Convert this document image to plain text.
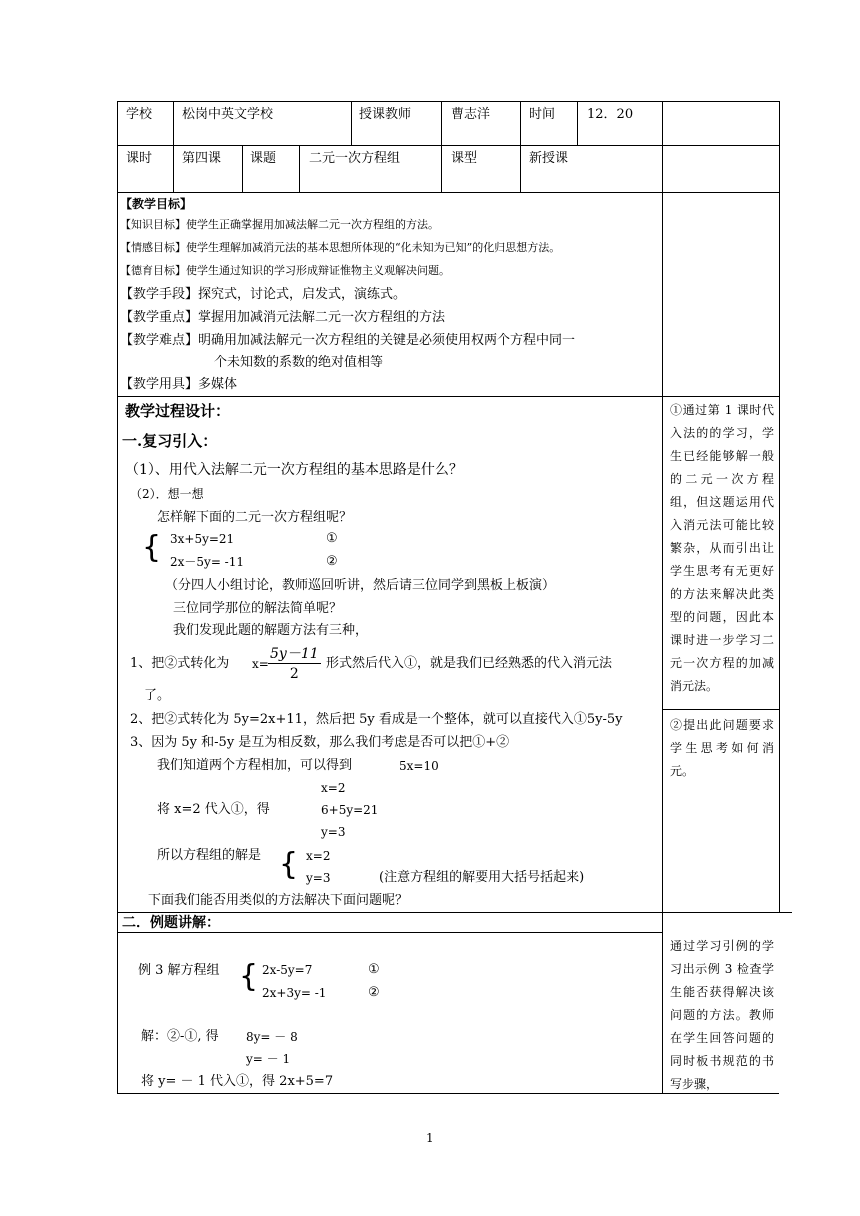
学校 松岗中英文学校	授课教师	曹志洋	时间 12．20
课时 第四课 课题	二元一次方程组	课型	新授课
【教学目标】
【知识目标】使学生正确掌握用加减法解二元一次方程组的方法。
【情感目标】使学生理解加减消元法的基本思想所体现的“化未知为已知”的化归思想方法。
【德育目标】使学生通过知识的学习形成辩证惟物主义观解决问题。
【教学手段】探究式，讨论式，启发式，演练式。
【教学重点】掌握用加减消元法解二元一次方程组的方法
【教学难点】明确用加减法解元一次方程组的关键是必须使用权两个方程中同一
个未知数的系数的绝对值相等
【教学用具】多媒体
教学过程设计：
一.复习引入：
（1）、用代入法解二元一次方程组的基本思路是什么？
（2）．想一想
怎样解下面的二元一次方程组呢？
{ 3x+5y=21	①
2x－5y= -11	②
（分四人小组讨论，教师巡回听讲，然后请三位同学到黑板上板演）
三位同学那位的解法简单呢？
我们发现此题的解题方法有三种，
1、把②式转化为 $x= \frac{5y-11}{2}$ 形式然后代入①，就是我们已经熟悉的代入消元法
了。
2、把②式转化为 5y=2x+11，然后把 5y 看成是一个整体，就可以直接代入①5y-5y
3、因为 5y 和-5y 是互为相反数，那么我们考虑是否可以把①+②
我们知道两个方程相加，可以得到	5x=10
x=2
将 x=2 代入①，得	6+5y=21
y=3
所以方程组的解是 { x=2
y=3	(注意方程组的解要用大括号括起来)
下面我们能否用类似的方法解决下面问题呢？
二．例题讲解：
例 3 解方程组 { 2x-5y=7	①
2x+3y= -1	②
解：②-①, 得 8y= － 8
y= － 1
将 y= － 1 代入①，得 2x+5=7
①通过第 1 课时代入法的的学习，学生已经能够解一般的二元一次方程组，但这题运用代入消元法可能比较繁杂，从而引出让学生思考有无更好的方法来解决此类型的问题，因此本课时进一步学习二元一次方程的加减消元法。
②提出此问题要求学生思考如何消元。
通过学习引例的学习出示例 3 检查学生能否获得解决该问题的方法。教师在学生回答问题的同时板书规范的书写步骤，
1
